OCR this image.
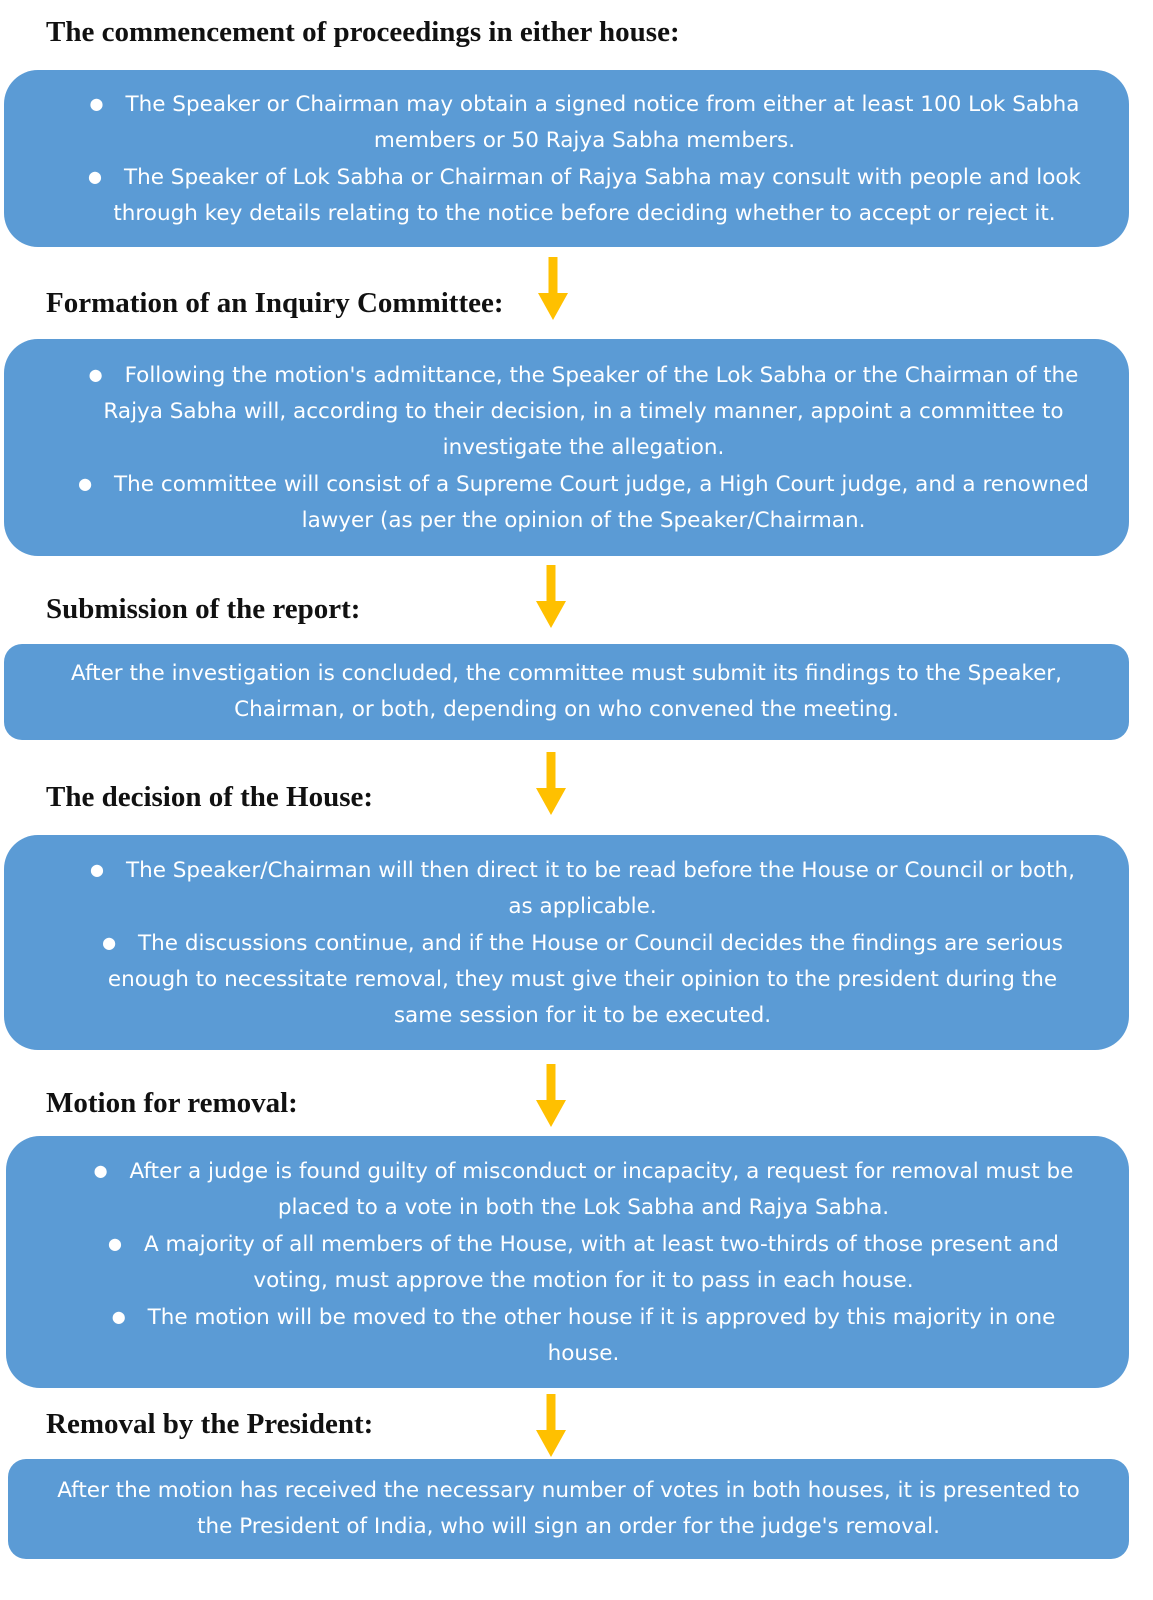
The commencement of proceedings in either house:
● The Speaker or Chairman may obtain a signed notice from either at least 100 Lok Sabha members or 50 Rajya Sabha members.
● The Speaker of Lok Sabha or Chairman of Rajya Sabha may consult with people and look through key details relating to the notice before deciding whether to accept or reject it.
Formation of an Inquiry Committee:
● Following the motion's admittance, the Speaker of the Lok Sabha or the Chairman of the Rajya Sabha will, according to their decision, in a timely manner, appoint a committee to investigate the allegation.
● The committee will consist of a Supreme Court judge, a High Court judge, and a renowned lawyer (as per the opinion of the Speaker/Chairman.
Submission of the report:
After the investigation is concluded, the committee must submit its findings to the Speaker, Chairman, or both, depending on who convened the meeting.
The decision of the House:
● The Speaker/Chairman will then direct it to be read before the House or Council or both, as applicable.
● The discussions continue, and if the House or Council decides the findings are serious enough to necessitate removal, they must give their opinion to the president during the same session for it to be executed.
Motion for removal:
● After a judge is found guilty of misconduct or incapacity, a request for removal must be placed to a vote in both the Lok Sabha and Rajya Sabha.
● A majority of all members of the House, with at least two-thirds of those present and voting, must approve the motion for it to pass in each house.
● The motion will be moved to the other house if it is approved by this majority in one house.
Removal by the President:
After the motion has received the necessary number of votes in both houses, it is presented to the President of India, who will sign an order for the judge's removal.
